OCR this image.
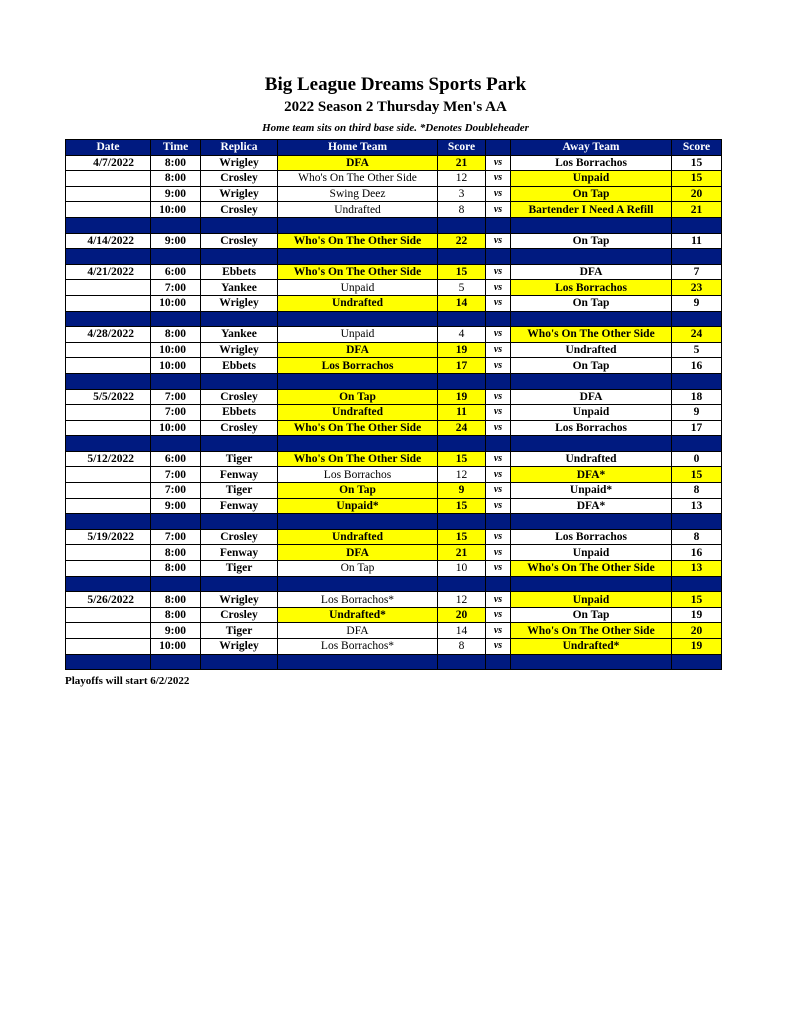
Big League Dreams Sports Park
2022 Season 2 Thursday Men's AA
Home team sits on third base side. *Denotes Doubleheader
Date	Time	Replica	Home Team	Score		Away Team	Score
4/7/2022	8:00	Wrigley	DFA	21	vs	Los Borrachos	15
	8:00	Crosley	Who's On The Other Side	12	vs	Unpaid	15
	9:00	Wrigley	Swing Deez	3	vs	On Tap	20
	10:00	Crosley	Undrafted	8	vs	Bartender I Need A Refill	21

4/14/2022	9:00	Crosley	Who's On The Other Side	22	vs	On Tap	11

4/21/2022	6:00	Ebbets	Who's On The Other Side	15	vs	DFA	7
	7:00	Yankee	Unpaid	5	vs	Los Borrachos	23
	10:00	Wrigley	Undrafted	14	vs	On Tap	9

4/28/2022	8:00	Yankee	Unpaid	4	vs	Who's On The Other Side	24
	10:00	Wrigley	DFA	19	vs	Undrafted	5
	10:00	Ebbets	Los Borrachos	17	vs	On Tap	16

5/5/2022	7:00	Crosley	On Tap	19	vs	DFA	18
	7:00	Ebbets	Undrafted	11	vs	Unpaid	9
	10:00	Crosley	Who's On The Other Side	24	vs	Los Borrachos	17

5/12/2022	6:00	Tiger	Who's On The Other Side	15	vs	Undrafted	0
	7:00	Fenway	Los Borrachos	12	vs	DFA*	15
	7:00	Tiger	On Tap	9	vs	Unpaid*	8
	9:00	Fenway	Unpaid*	15	vs	DFA*	13

5/19/2022	7:00	Crosley	Undrafted	15	vs	Los Borrachos	8
	8:00	Fenway	DFA	21	vs	Unpaid	16
	8:00	Tiger	On Tap	10	vs	Who's On The Other Side	13

5/26/2022	8:00	Wrigley	Los Borrachos*	12	vs	Unpaid	15
	8:00	Crosley	Undrafted*	20	vs	On Tap	19
	9:00	Tiger	DFA	14	vs	Who's On The Other Side	20
	10:00	Wrigley	Los Borrachos*	8	vs	Undrafted*	19

Playoffs will start 6/2/2022
